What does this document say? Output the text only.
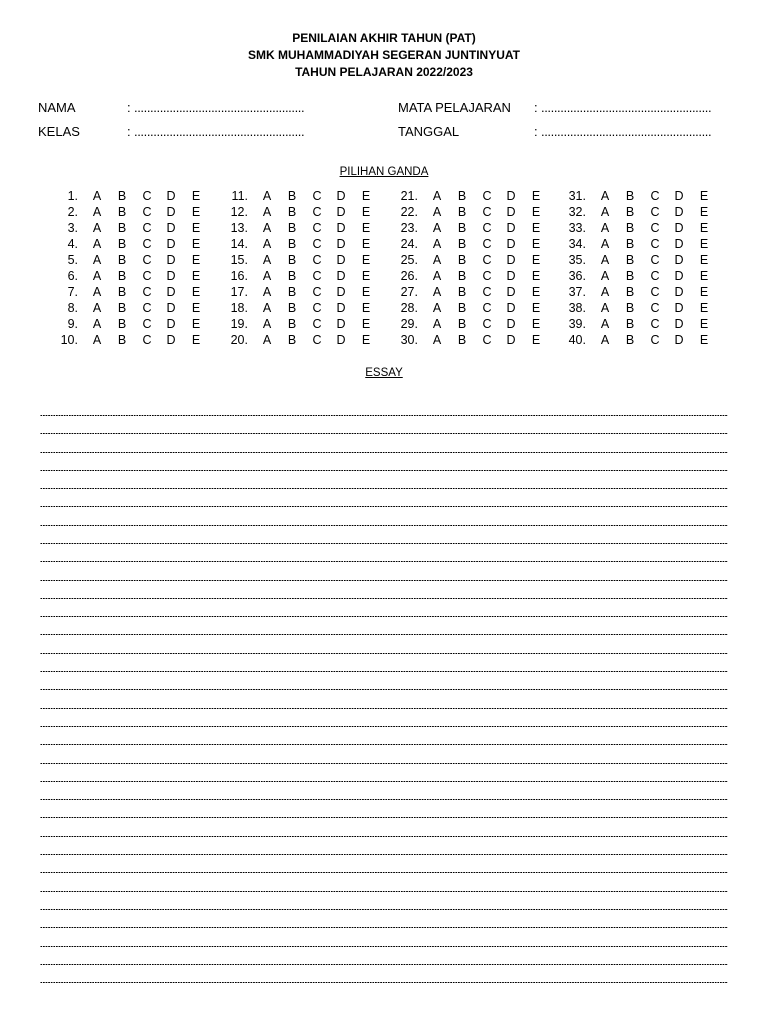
PENILAIAN AKHIR TAHUN (PAT)
SMK MUHAMMADIYAH SEGERAN JUNTINYUAT
TAHUN PELAJARAN 2022/2023
NAMA	: .....................................................
KELAS	: .....................................................
MATA PELAJARAN : .....................................................
TANGGAL	: .....................................................
PILIHAN GANDA
1. A B C D E
2. A B C D E
3. A B C D E
4. A B C D E
5. A B C D E
6. A B C D E
7. A B C D E
8. A B C D E
9. A B C D E
10. A B C D E
11. A B C D E
12. A B C D E
13. A B C D E
14. A B C D E
15. A B C D E
16. A B C D E
17. A B C D E
18. A B C D E
19. A B C D E
20. A B C D E
21. A B C D E
22. A B C D E
23. A B C D E
24. A B C D E
25. A B C D E
26. A B C D E
27. A B C D E
28. A B C D E
29. A B C D E
30. A B C D E
31. A B C D E
32. A B C D E
33. A B C D E
34. A B C D E
35. A B C D E
36. A B C D E
37. A B C D E
38. A B C D E
39. A B C D E
40. A B C D E
ESSAY
